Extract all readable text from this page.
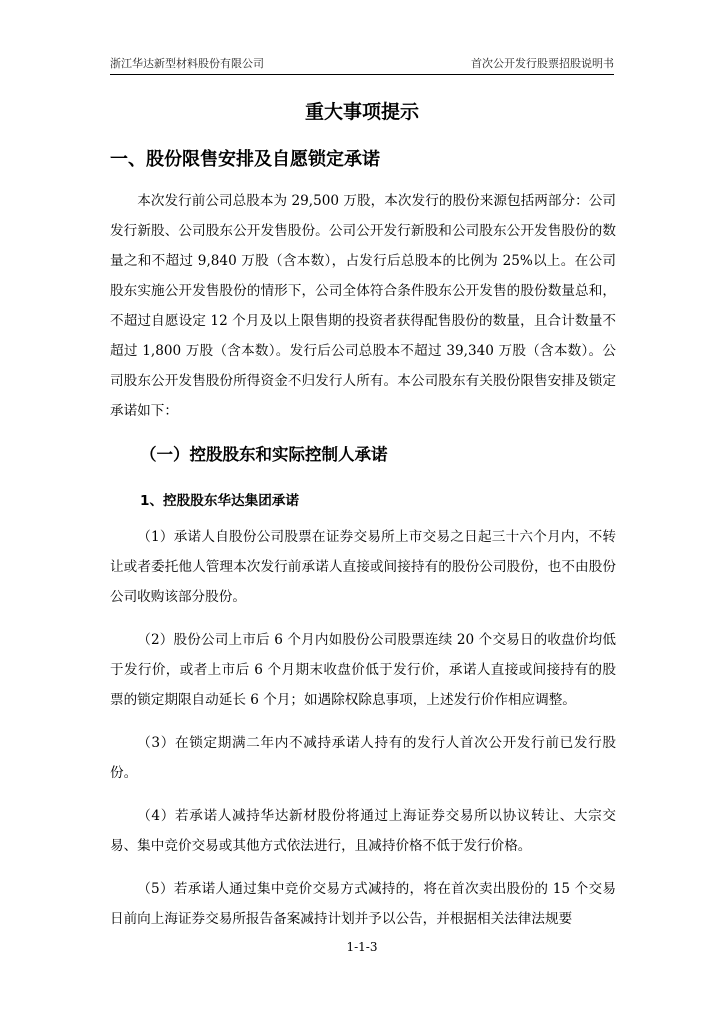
浙江华达新型材料股份有限公司	首次公开发行股票招股说明书
重大事项提示
一、股份限售安排及自愿锁定承诺

本次发行前公司总股本为 29,500 万股，本次发行的股份来源包括两部分：公司发行新股、公司股东公开发售股份。公司公开发行新股和公司股东公开发售股份的数量之和不超过 9,840 万股（含本数），占发行后总股本的比例为 25%以上。在公司股东实施公开发售股份的情形下，公司全体符合条件股东公开发售的股份数量总和，不超过自愿设定 12 个月及以上限售期的投资者获得配售股份的数量，且合计数量不超过 1,800 万股（含本数）。发行后公司总股本不超过 39,340 万股（含本数）。公司股东公开发售股份所得资金不归发行人所有。本公司股东有关股份限售安排及锁定承诺如下：

（一）控股股东和实际控制人承诺
1、控股股东华达集团承诺

（1）承诺人自股份公司股票在证券交易所上市交易之日起三十六个月内，不转让或者委托他人管理本次发行前承诺人直接或间接持有的股份公司股份，也不由股份公司收购该部分股份。

（2）股份公司上市后 6 个月内如股份公司股票连续 20 个交易日的收盘价均低于发行价，或者上市后 6 个月期末收盘价低于发行价，承诺人直接或间接持有的股票的锁定期限自动延长 6 个月；如遇除权除息事项，上述发行价作相应调整。

（3）在锁定期满二年内不减持承诺人持有的发行人首次公开发行前已发行股份。

（4）若承诺人减持华达新材股份将通过上海证券交易所以协议转让、大宗交易、集中竞价交易或其他方式依法进行，且减持价格不低于发行价格。

（5）若承诺人通过集中竞价交易方式减持的，将在首次卖出股份的 15 个交易日前向上海证券交易所报告备案减持计划并予以公告，并根据相关法律法规要

1-1-3
